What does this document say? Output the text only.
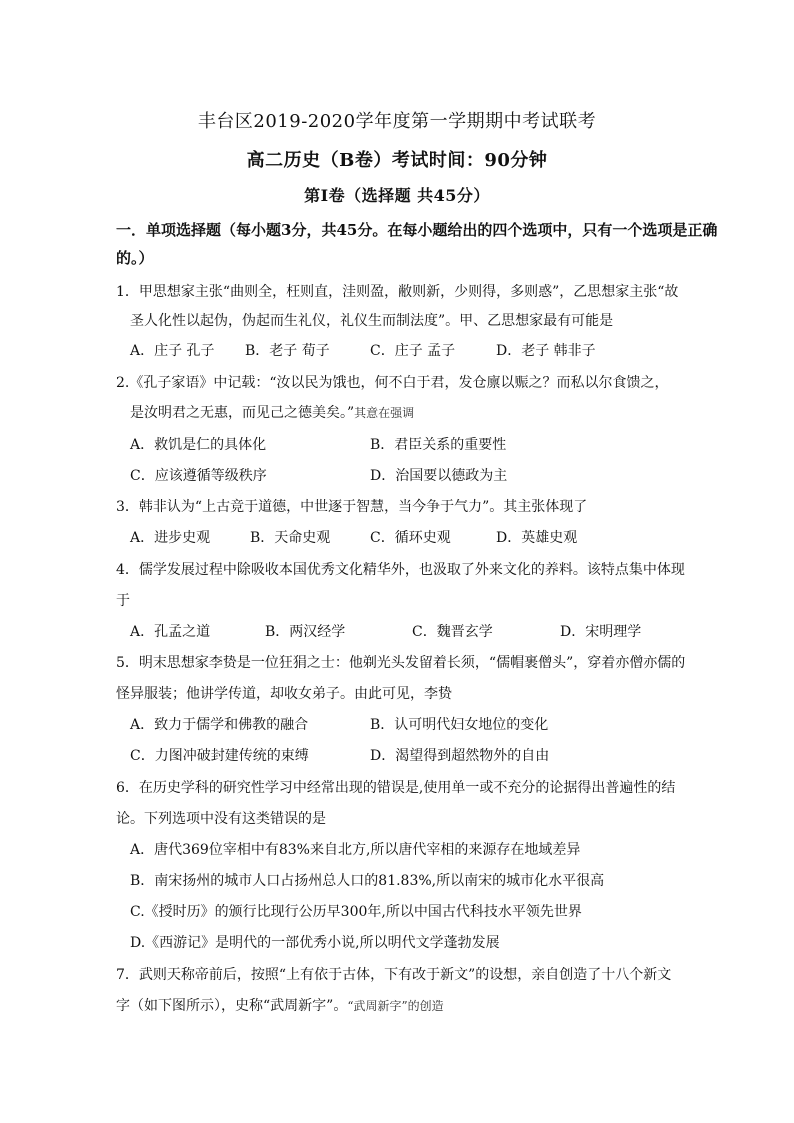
丰台区2019-2020学年度第一学期期中考试联考
高二历史（B卷）考试时间：90分钟
第Ⅰ卷（选择题 共45分）
一．单项选择题（每小题3分，共45分。在每小题给出的四个选项中，只有一个选项是正确
的。）
1．甲思想家主张“曲则全，枉则直，洼则盈，敝则新，少则得，多则惑”，乙思想家主张“故
圣人化性以起伪，伪起而生礼仪，礼仪生而制法度”。甲、乙思想家最有可能是
A．庄子 孔子 B．老子 荀子	C．庄子 孟子	D．老子 韩非子
2.《孔子家语》中记载：“汝以民为饿也，何不白于君，发仓廪以赈之？而私以尔食馈之，
是汝明君之无惠，而见己之德美矣。”其意在强调
A．救饥是仁的具体化	B．君臣关系的重要性
C．应该遵循等级秩序	D．治国要以德政为主
3．韩非认为“上古竞于道德，中世逐于智慧，当今争于气力”。其主张体现了
A．进步史观	B．天命史观	C．循环史观	D．英雄史观
4．儒学发展过程中除吸收本国优秀文化精华外，也汲取了外来文化的养料。该特点集中体现
于
A．孔孟之道	B．两汉经学	C．魏晋玄学	D．宋明理学
5．明末思想家李贽是一位狂狷之士：他剃光头发留着长须，“儒帽裹僧头”，穿着亦僧亦儒的
怪异服装；他讲学传道，却收女弟子。由此可见，李贽
A．致力于儒学和佛教的融合	B．认可明代妇女地位的变化
C．力图冲破封建传统的束缚	D．渴望得到超然物外的自由
6．在历史学科的研究性学习中经常出现的错误是,使用单一或不充分的论据得出普遍性的结
论。下列选项中没有这类错误的是
A．唐代369位宰相中有83%来自北方,所以唐代宰相的来源存在地域差异
B．南宋扬州的城市人口占扬州总人口的81.83%,所以南宋的城市化水平很高
C.《授时历》的颁行比现行公历早300年,所以中国古代科技水平领先世界
D.《西游记》是明代的一部优秀小说,所以明代文学蓬勃发展
7．武则天称帝前后，按照“上有依于古体，下有改于新文”的设想，亲自创造了十八个新文
字（如下图所示），史称“武周新字”。“武周新字”的创造
